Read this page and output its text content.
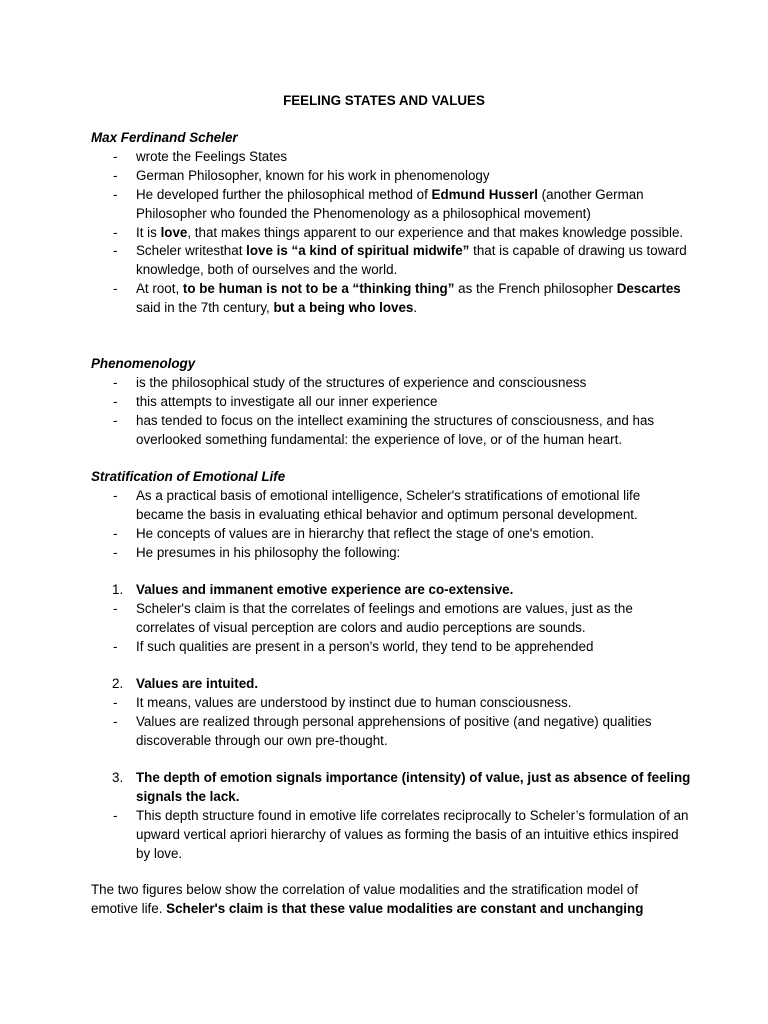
FEELING STATES AND VALUES
Max Ferdinand Scheler
- wrote the Feelings States
- German Philosopher, known for his work in phenomenology
- He developed further the philosophical method of Edmund Husserl (another German Philosopher who founded the Phenomenology as a philosophical movement)
- It is love, that makes things apparent to our experience and that makes knowledge possible.
- Scheler writesthat love is “a kind of spiritual midwife” that is capable of drawing us toward knowledge, both of ourselves and the world.
- At root, to be human is not to be a “thinking thing” as the French philosopher Descartes said in the 7th century, but a being who loves.
Phenomenology
- is the philosophical study of the structures of experience and consciousness
- this attempts to investigate all our inner experience
- has tended to focus on the intellect examining the structures of consciousness, and has overlooked something fundamental: the experience of love, or of the human heart.
Stratification of Emotional Life
- As a practical basis of emotional intelligence, Scheler's stratifications of emotional life became the basis in evaluating ethical behavior and optimum personal development.
- He concepts of values are in hierarchy that reflect the stage of one's emotion.
- He presumes in his philosophy the following:
1. Values and immanent emotive experience are co-extensive.
- Scheler's claim is that the correlates of feelings and emotions are values, just as the correlates of visual perception are colors and audio perceptions are sounds.
- If such qualities are present in a person's world, they tend to be apprehended
2. Values are intuited.
- It means, values are understood by instinct due to human consciousness.
- Values are realized through personal apprehensions of positive (and negative) qualities discoverable through our own pre-thought.
3. The depth of emotion signals importance (intensity) of value, just as absence of feeling signals the lack.
- This depth structure found in emotive life correlates reciprocally to Scheler’s formulation of an upward vertical apriori hierarchy of values as forming the basis of an intuitive ethics inspired by love.
The two figures below show the correlation of value modalities and the stratification model of emotive life. Scheler's claim is that these value modalities are constant and unchanging
